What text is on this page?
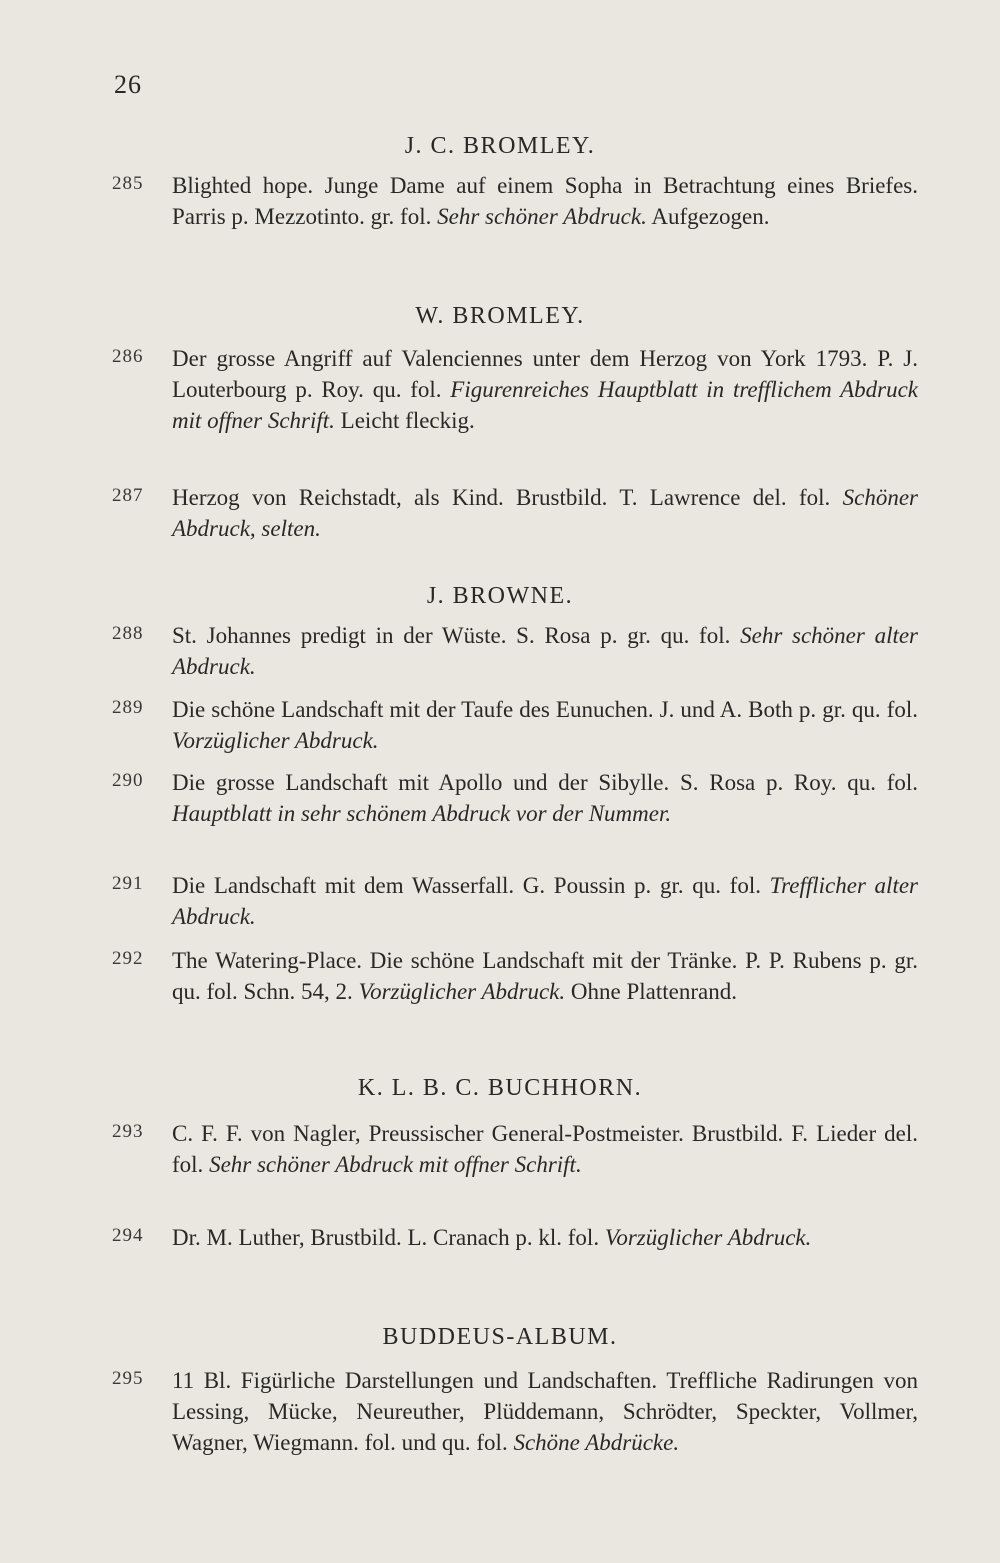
26
J. C. BROMLEY.
285 Blighted hope. Junge Dame auf einem Sopha in Betrachtung eines Briefes. Parris p. Mezzotinto. gr. fol. Sehr schöner Abdruck. Aufgezogen.
W. BROMLEY.
286 Der grosse Angriff auf Valenciennes unter dem Herzog von York 1793. P. J. Louterbourg p. Roy. qu. fol. Figurenreiches Hauptblatt in trefflichem Abdruck mit offner Schrift. Leicht fleckig.
287 Herzog von Reichstadt, als Kind. Brustbild. T. Lawrence del. fol. Schöner Abdruck, selten.
J. BROWNE.
288 St. Johannes predigt in der Wüste. S. Rosa p. gr. qu. fol. Sehr schöner alter Abdruck.
289 Die schöne Landschaft mit der Taufe des Eunuchen. J. und A. Both p. gr. qu. fol. Vorzüglicher Abdruck.
290 Die grosse Landschaft mit Apollo und der Sibylle. S. Rosa p. Roy. qu. fol. Hauptblatt in sehr schönem Abdruck vor der Nummer.
291 Die Landschaft mit dem Wasserfall. G. Poussin p. gr. qu. fol. Trefflicher alter Abdruck.
292 The Watering-Place. Die schöne Landschaft mit der Tränke. P. P. Rubens p. gr. qu. fol. Schn. 54, 2. Vorzüglicher Abdruck. Ohne Plattenrand.
K. L. B. C. BUCHHORN.
293 C. F. F. von Nagler, Preussischer General-Postmeister. Brustbild. F. Lieder del. fol. Sehr schöner Abdruck mit offner Schrift.
294 Dr. M. Luther, Brustbild. L. Cranach p. kl. fol. Vorzüglicher Abdruck.
BUDDEUS-ALBUM.
295 11 Bl. Figürliche Darstellungen und Landschaften. Treffliche Radirungen von Lessing, Mücke, Neureuther, Plüddemann, Schrödter, Speckter, Vollmer, Wagner, Wiegmann. fol. und qu. fol. Schöne Abdrücke.
